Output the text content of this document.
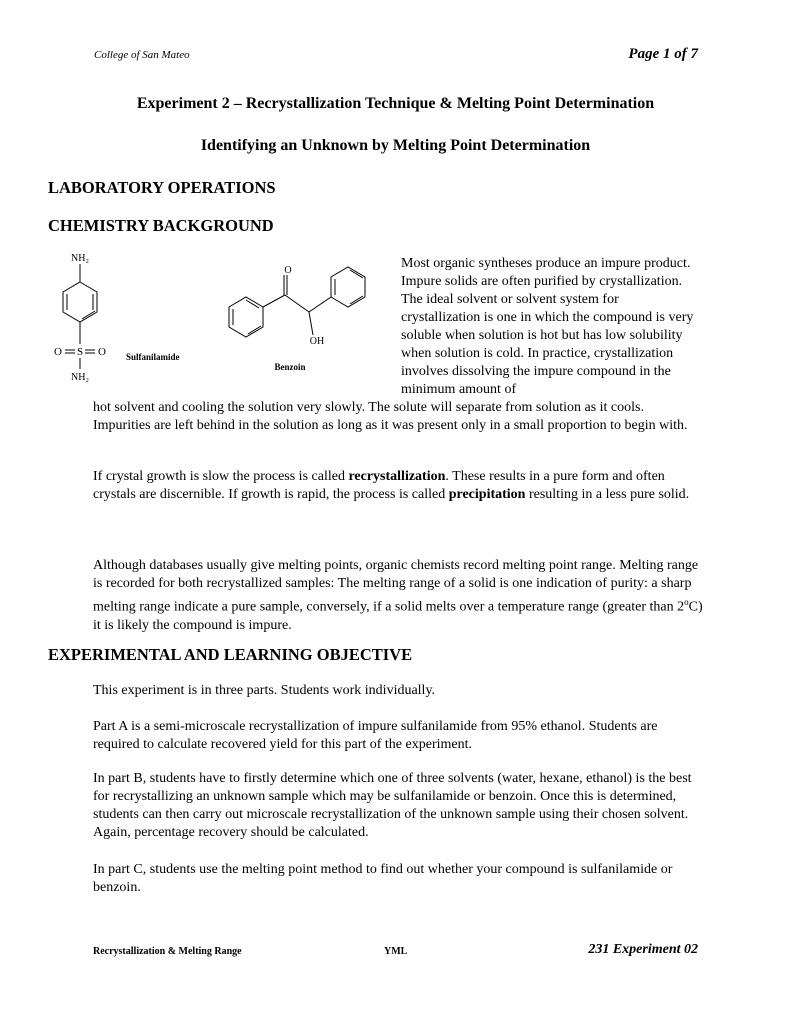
College of San Mateo	Page 1 of 7
Experiment 2 – Recrystallization Technique & Melting Point Determination
Identifying an Unknown by Melting Point Determination
LABORATORY OPERATIONS
CHEMISTRY BACKGROUND
NH₂
O S O
NH₂
Sulfanilamide
O
OH
Benzoin
Most organic syntheses produce an impure product. Impure solids are often purified by crystallization. The ideal solvent or solvent system for crystallization is one in which the compound is very soluble when solution is hot but has low solubility when solution is cold. In practice, crystallization involves dissolving the impure compound in the minimum amount of
hot solvent and cooling the solution very slowly. The solute will separate from solution as it cools. Impurities are left behind in the solution as long as it was present only in a small proportion to begin with.
If crystal growth is slow the process is called recrystallization. These results in a pure form and often crystals are discernible. If growth is rapid, the process is called precipitation resulting in a less pure solid.
Although databases usually give melting points, organic chemists record melting point range. Melting range is recorded for both recrystallized samples: The melting range of a solid is one indication of purity: a sharp melting range indicate a pure sample, conversely, if a solid melts over a temperature range (greater than 2$^o$C) it is likely the compound is impure.
EXPERIMENTAL AND LEARNING OBJECTIVE
This experiment is in three parts. Students work individually.
Part A is a semi-microscale recrystallization of impure sulfanilamide from 95% ethanol. Students are required to calculate recovered yield for this part of the experiment.
In part B, students have to firstly determine which one of three solvents (water, hexane, ethanol) is the best for recrystallizing an unknown sample which may be sulfanilamide or benzoin. Once this is determined, students can then carry out microscale recrystallization of the unknown sample using their chosen solvent. Again, percentage recovery should be calculated.
In part C, students use the melting point method to find out whether your compound is sulfanilamide or benzoin.
Recrystallization & Melting Range	YML	231 Experiment 02
